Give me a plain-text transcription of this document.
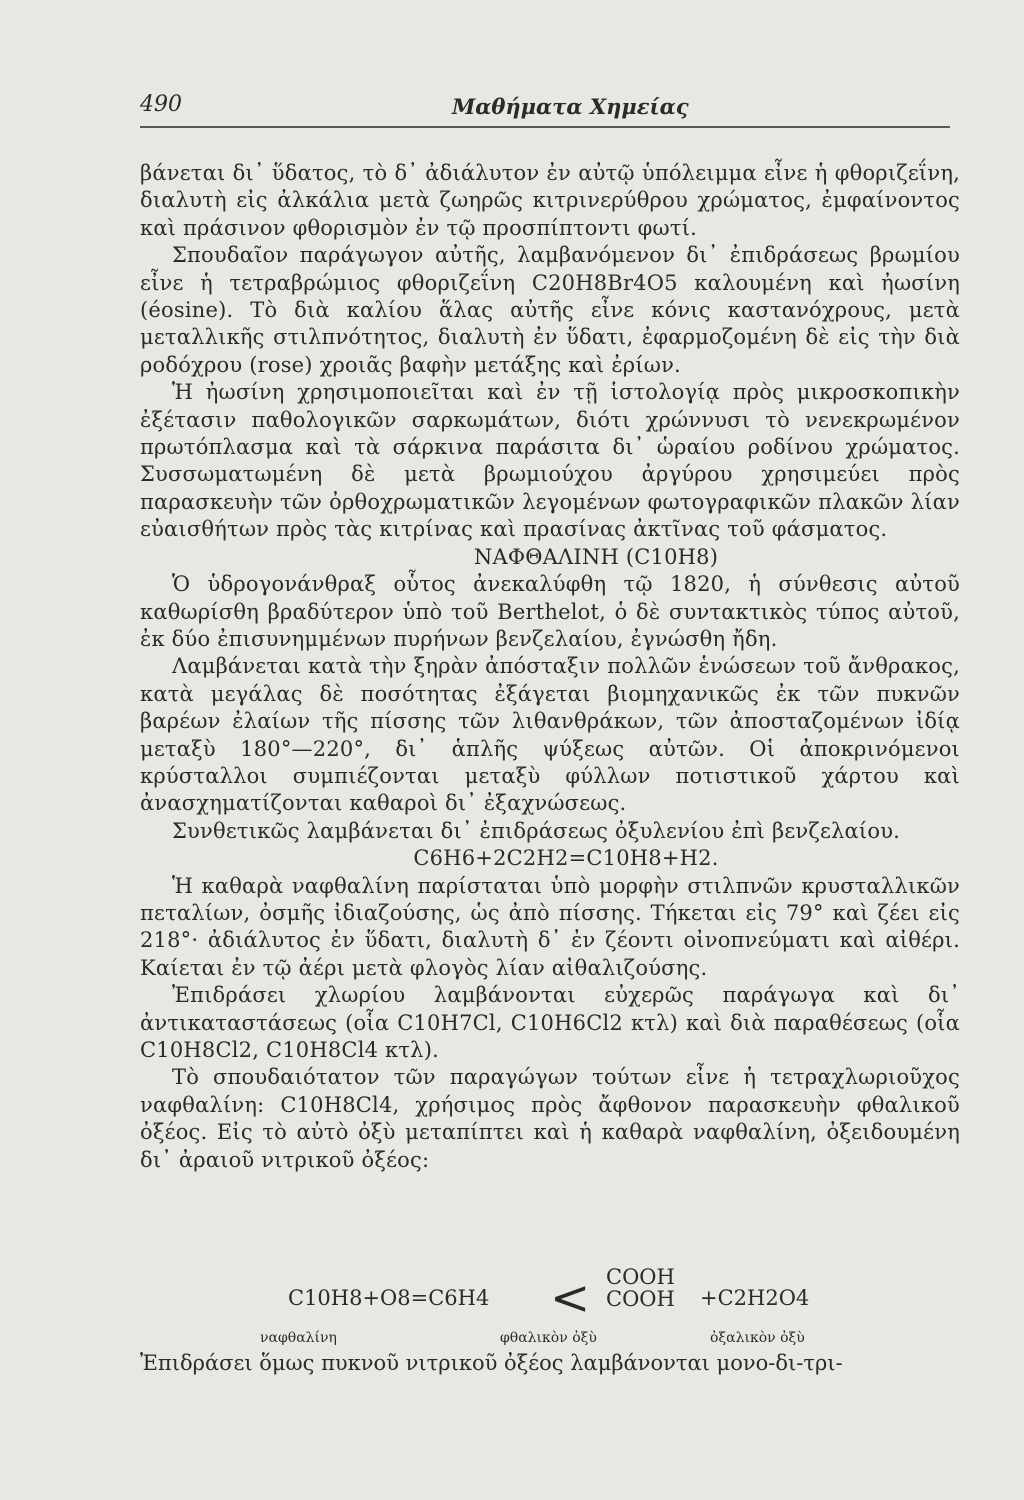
490	Μαθήματα Χημείας

βάνεται δι᾽ ὕδατος, τὸ δ᾽ ἀδιάλυτον ἐν αὐτῷ ὑπόλειμμα εἶνε ἡ φθοριζεΐνη, διαλυτὴ εἰς ἀλκάλια μετὰ ζωηρῶς κιτρινερύθρου χρώματος, ἐμφαίνοντος καὶ πράσινον φθορισμὸν ἐν τῷ προσπίπτοντι φωτί.

Σπουδαῖον παράγωγον αὐτῆς, λαμβανόμενον δι᾽ ἐπιδράσεως βρωμίου εἶνε ἡ τετραβρώμιος φθοριζεΐνη C20H8Br4O5 καλουμένη καὶ ἠωσίνη (éosine). Τὸ διὰ καλίου ἅλας αὐτῆς εἶνε κόνις καστανόχρους, μετὰ μεταλλικῆς στιλπνότητος, διαλυτὴ ἐν ὕδατι, ἐφαρμοζομένη δὲ εἰς τὴν διὰ ροδόχρου (rose) χροιᾶς βαφὴν μετάξης καὶ ἐρίων.

Ἡ ἠωσίνη χρησιμοποιεῖται καὶ ἐν τῇ ἱστολογίᾳ πρὸς μικροσκοπικὴν ἐξέτασιν παθολογικῶν σαρκωμάτων, διότι χρώννυσι τὸ νενεκρωμένον πρωτόπλασμα καὶ τὰ σάρκινα παράσιτα δι᾽ ὡραίου ροδίνου χρώματος. Συσσωματωμένη δὲ μετὰ βρωμιούχου ἀργύρου χρησιμεύει πρὸς παρασκευὴν τῶν ὀρθοχρωματικῶν λεγομένων φωτογραφικῶν πλακῶν λίαν εὐαισθήτων πρὸς τὰς κιτρίνας καὶ πρασίνας ἀκτῖνας τοῦ φάσματος.

ΝΑΦΘΑΛΙΝΗ (C10H8)

Ὁ ὑδρογονάνθραξ οὗτος ἀνεκαλύφθη τῷ 1820, ἡ σύνθεσις αὐτοῦ καθωρίσθη βραδύτερον ὑπὸ τοῦ Berthelot, ὁ δὲ συντακτικὸς τύπος αὐτοῦ, ἐκ δύο ἐπισυνημμένων πυρήνων βενζελαίου, ἐγνώσθη ἤδη.

Λαμβάνεται κατὰ τὴν ξηρὰν ἀπόσταξιν πολλῶν ἑνώσεων τοῦ ἄνθρακος, κατὰ μεγάλας δὲ ποσότητας ἐξάγεται βιομηχανικῶς ἐκ τῶν πυκνῶν βαρέων ἐλαίων τῆς πίσσης τῶν λιθανθράκων, τῶν ἀποσταζομένων ἰδίᾳ μεταξὺ 180°—220°, δι᾽ ἁπλῆς ψύξεως αὐτῶν. Οἱ ἀποκρινόμενοι κρύσταλλοι συμπιέζονται μεταξὺ φύλλων ποτιστικοῦ χάρτου καὶ ἀνασχηματίζονται καθαροὶ δι᾽ ἐξαχνώσεως.

Συνθετικῶς λαμβάνεται δι᾽ ἐπιδράσεως ὀξυλενίου ἐπὶ βενζελαίου.

C6H6+2C2H2=C10H8+H2.

Ἡ καθαρὰ ναφθαλίνη παρίσταται ὑπὸ μορφὴν στιλπνῶν κρυσταλλικῶν πεταλίων, ὀσμῆς ἰδιαζούσης, ὡς ἀπὸ πίσσης. Τήκεται εἰς 79° καὶ ζέει εἰς 218°· ἀδιάλυτος ἐν ὕδατι, διαλυτὴ δ᾽ ἐν ζέοντι οἰνοπνεύματι καὶ αἰθέρι. Καίεται ἐν τῷ ἀέρι μετὰ φλογὸς λίαν αἰθαλιζούσης.

Ἐπιδράσει χλωρίου λαμβάνονται εὐχερῶς παράγωγα καὶ δι᾽ ἀντικαταστάσεως (οἷα C10H7Cl, C10H6Cl2 κτλ) καὶ διὰ παραθέσεως (οἷα C10H8Cl2, C10H8Cl4 κτλ).

Τὸ σπουδαιότατον τῶν παραγώγων τούτων εἶνε ἡ τετραχλωριοῦχος ναφθαλίνη: C10H8Cl4, χρήσιμος πρὸς ἄφθονον παρασκευὴν φθαλικοῦ ὀξέος. Εἰς τὸ αὐτὸ ὀξὺ μεταπίπτει καὶ ἡ καθαρὰ ναφθαλίνη, ὀξειδουμένη δι᾽ ἀραιοῦ νιτρικοῦ ὀξέος:

C10H8+O8=C6H4 < COOH
COOH +C2H2O4
ναφθαλίνη	φθαλικὸν ὀξὺ	ὀξαλικὸν ὀξὺ
Ἐπιδράσει ὅμως πυκνοῦ νιτρικοῦ ὀξέος λαμβάνονται μονο-δι-τρι-
